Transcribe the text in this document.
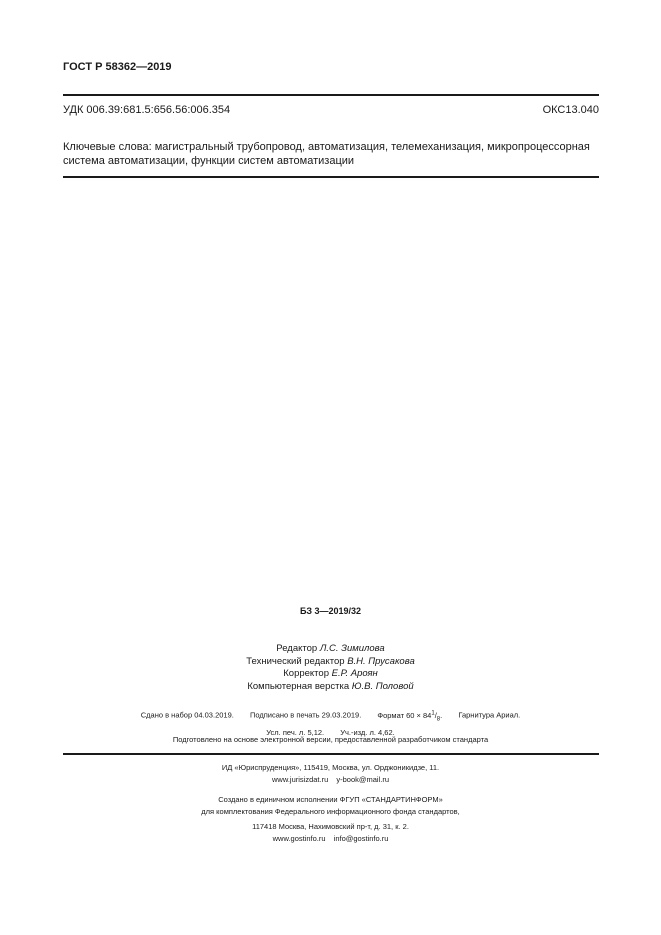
ГОСТ Р 58362—2019
УДК 006.39:681.5:656.56:006.354	ОКС13.040
Ключевые слова: магистральный трубопровод, автоматизация, телемеханизация, микропроцессорная
система автоматизации, функции систем автоматизации
БЗ 3—2019/32
Редактор Л.С. Зимилова
Технический редактор В.Н. Прусакова
Корректор Е.Р. Ароян
Компьютерная верстка Ю.В. Половой
Сдано в набор 04.03.2019. Подписано в печать 29.03.2019. Формат $60 \times 84^1/_8$. Гарнитура Ариал.
Усл. печ. л. 5,12. Уч.-изд. л. 4,62.
Подготовлено на основе электронной версии, предоставленной разработчиком стандарта
ИД «Юриспруденция», 115419, Москва, ул. Орджоникидзе, 11.
www.jurisizdat.ru y-book@mail.ru
Создано в единичном исполнении ФГУП «СТАНДАРТИНФОРМ»
для комплектования Федерального информационного фонда стандартов,
117418 Москва, Нахимовский пр-т, д. 31, к. 2.
www.gostinfo.ru info@gostinfo.ru
